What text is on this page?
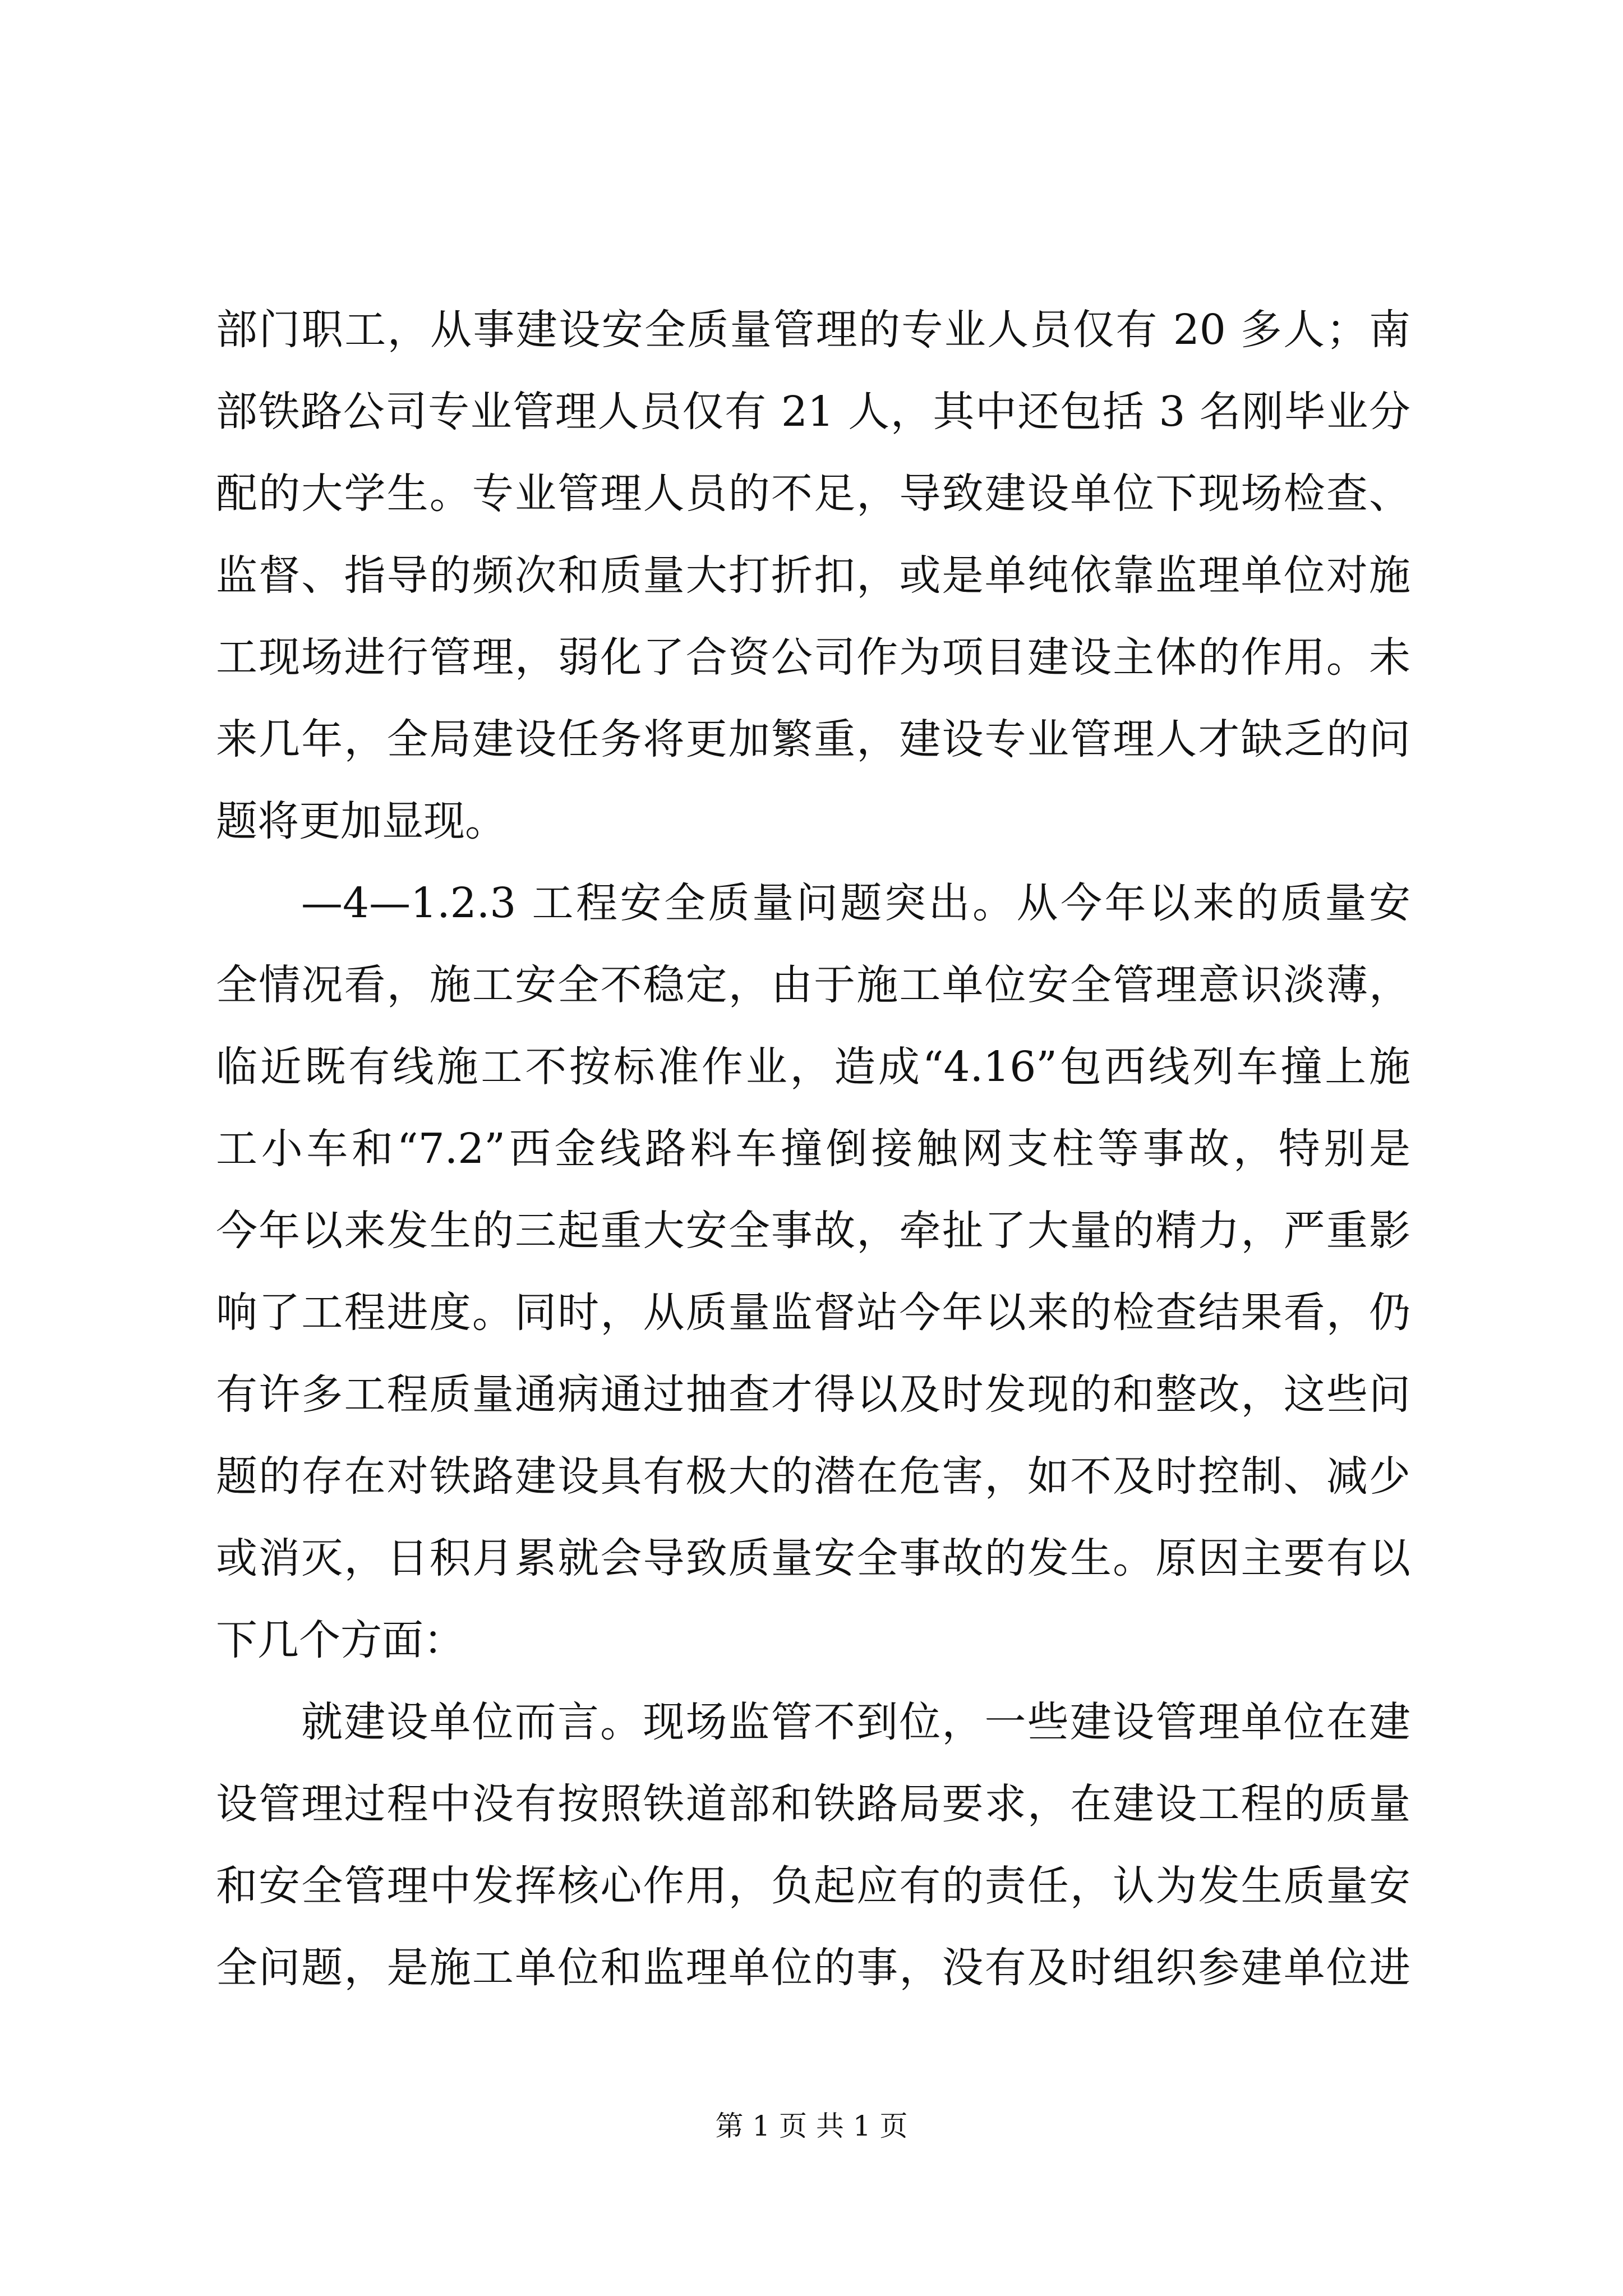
部门职工，从事建设安全质量管理的专业人员仅有 20 多人；南
部铁路公司专业管理人员仅有 21 人，其中还包括 3 名刚毕业分
配的大学生。专业管理人员的不足，导致建设单位下现场检查、
监督、指导的频次和质量大打折扣，或是单纯依靠监理单位对施
工现场进行管理，弱化了合资公司作为项目建设主体的作用。未
来几年，全局建设任务将更加繁重，建设专业管理人才缺乏的问
题将更加显现。
—4—1.2.3 工程安全质量问题突出。从今年以来的质量安
全情况看，施工安全不稳定，由于施工单位安全管理意识淡薄，
临近既有线施工不按标准作业，造成“4.16”包西线列车撞上施
工小车和“7.2”西金线路料车撞倒接触网支柱等事故，特别是
今年以来发生的三起重大安全事故，牵扯了大量的精力，严重影
响了工程进度。同时，从质量监督站今年以来的检查结果看，仍
有许多工程质量通病通过抽查才得以及时发现的和整改，这些问
题的存在对铁路建设具有极大的潜在危害，如不及时控制、减少
或消灭，日积月累就会导致质量安全事故的发生。原因主要有以
下几个方面：
就建设单位而言。现场监管不到位，一些建设管理单位在建
设管理过程中没有按照铁道部和铁路局要求，在建设工程的质量
和安全管理中发挥核心作用，负起应有的责任，认为发生质量安
全问题，是施工单位和监理单位的事，没有及时组织参建单位进
第 1 页 共 1 页
